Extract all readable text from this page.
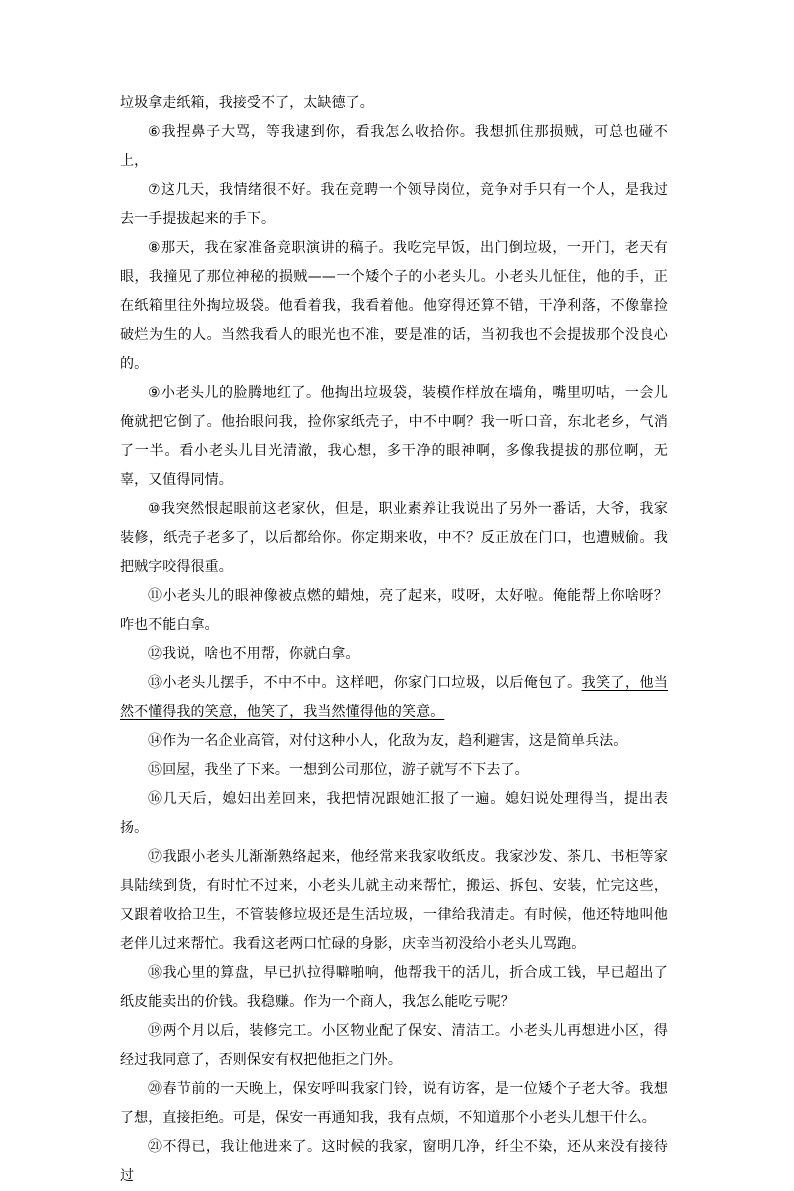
垃圾拿走纸箱，我接受不了，太缺德了。

⑥我捏鼻子大骂，等我逮到你，看我怎么收拾你。我想抓住那损贼，可总也碰不上，

⑦这几天，我情绪很不好。我在竞聘一个领导岗位，竞争对手只有一个人，是我过去一手提拔起来的手下。

⑧那天，我在家准备竞职演讲的稿子。我吃完早饭，出门倒垃圾，一开门，老天有眼，我撞见了那位神秘的损贼——一个矮个子的小老头儿。小老头儿怔住，他的手，正在纸箱里往外掏垃圾袋。他看着我，我看着他。他穿得还算不错，干净利落，不像靠捡破烂为生的人。当然我看人的眼光也不准，要是准的话，当初我也不会提拔那个没良心的。

⑨小老头儿的脸腾地红了。他掏出垃圾袋，装模作样放在墙角，嘴里叨咕，一会儿俺就把它倒了。他抬眼问我，捡你家纸壳子，中不中啊？我一听口音，东北老乡，气消了一半。看小老头儿目光清澈，我心想，多干净的眼神啊，多像我提拔的那位啊，无辜，又值得同情。

⑩我突然恨起眼前这老家伙，但是，职业素养让我说出了另外一番话，大爷，我家装修，纸壳子老多了，以后都给你。你定期来收，中不？反正放在门口，也遭贼偷。我把贼字咬得很重。

⑪小老头儿的眼神像被点燃的蜡烛，亮了起来，哎呀，太好啦。俺能帮上你啥呀？咋也不能白拿。

⑫我说，啥也不用帮，你就白拿。

⑬小老头儿摆手，不中不中。这样吧，你家门口垃圾，以后俺包了。我笑了，他当然不懂得我的笑意，他笑了，我当然懂得他的笑意。

⑭作为一名企业高管，对付这种小人，化敌为友，趋利避害，这是简单兵法。

⑮回屋，我坐了下来。一想到公司那位，游子就写不下去了。

⑯几天后，媳妇出差回来，我把情况跟她汇报了一遍。媳妇说处理得当，提出表扬。

⑰我跟小老头儿渐渐熟络起来，他经常来我家收纸皮。我家沙发、茶几、书柜等家具陆续到货，有时忙不过来，小老头儿就主动来帮忙，搬运、拆包、安装，忙完这些，又跟着收拾卫生，不管装修垃圾还是生活垃圾，一律给我清走。有时候，他还特地叫他老伴儿过来帮忙。我看这老两口忙碌的身影，庆幸当初没给小老头儿骂跑。

⑱我心里的算盘，早已扒拉得噼啪响，他帮我干的活儿，折合成工钱，早已超出了纸皮能卖出的价钱。我稳赚。作为一个商人，我怎么能吃亏呢？

⑲两个月以后，装修完工。小区物业配了保安、清洁工。小老头儿再想进小区，得经过我同意了，否则保安有权把他拒之门外。

⑳春节前的一天晚上，保安呼叫我家门铃，说有访客，是一位矮个子老大爷。我想了想，直接拒绝。可是，保安一再通知我，我有点烦，不知道那个小老头儿想干什么。

㉑不得已，我让他进来了。这时候的我家，窗明几净，纤尘不染，还从来没有接待过
